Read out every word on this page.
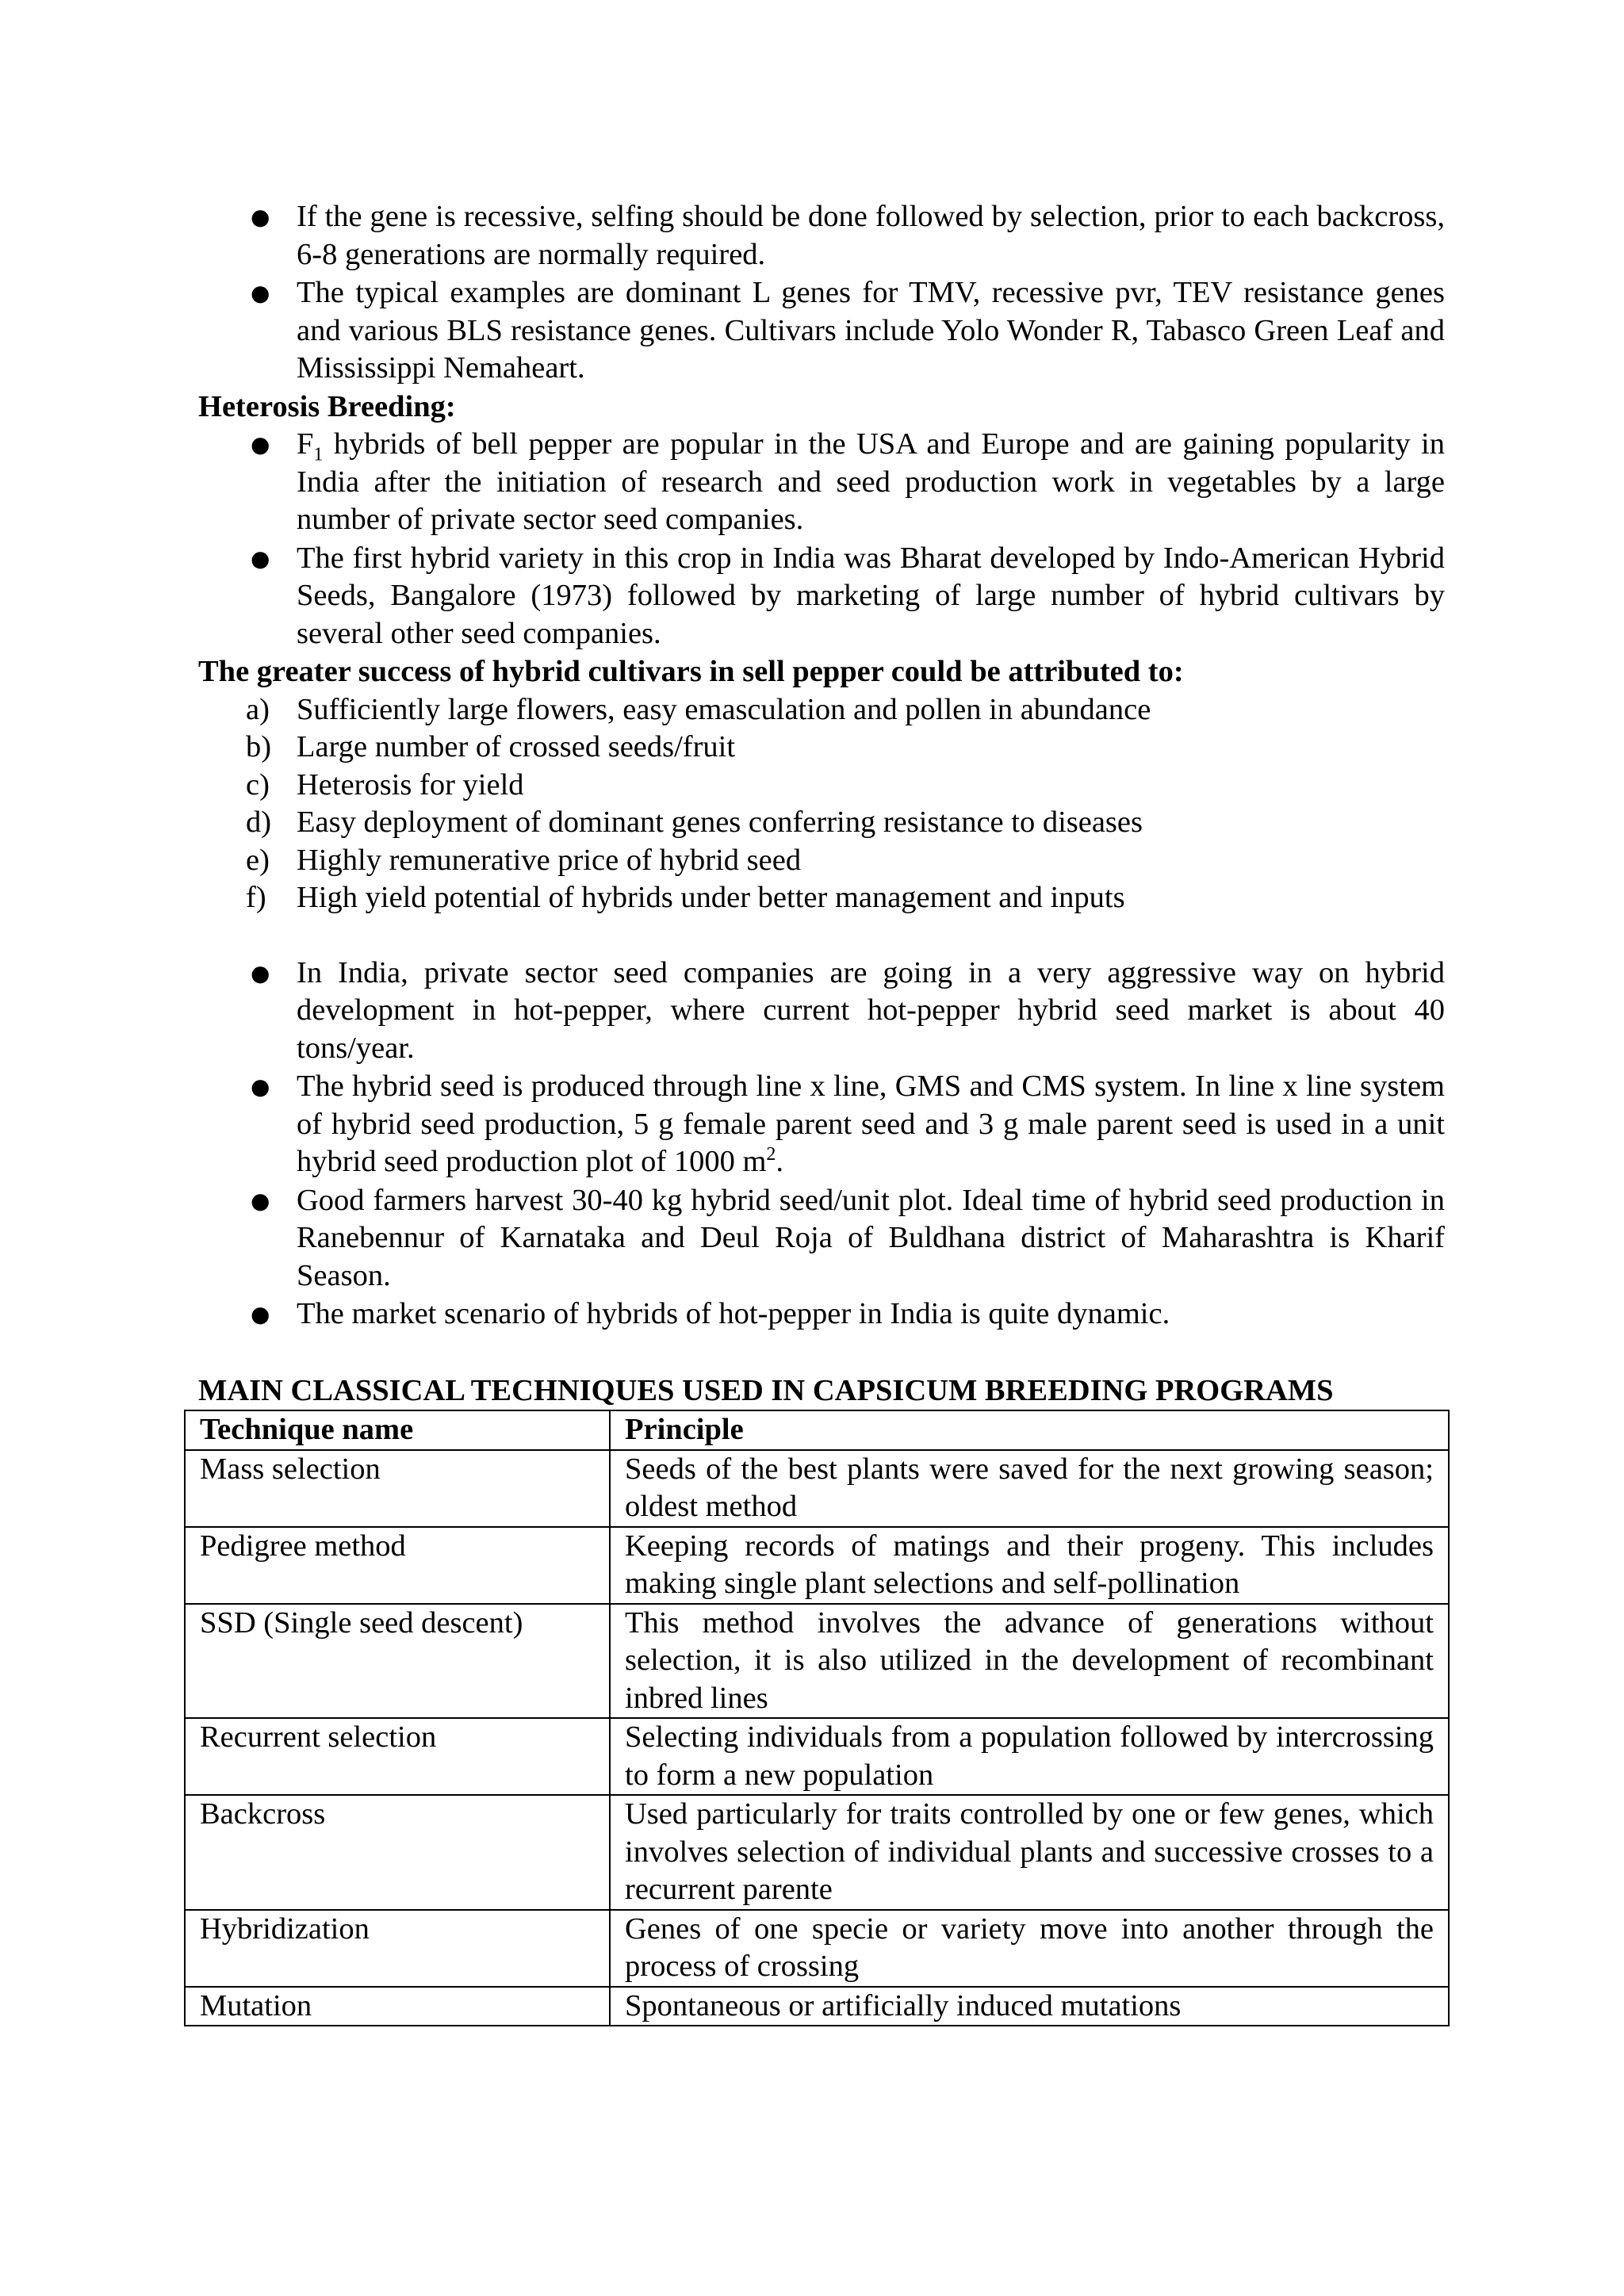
● If the gene is recessive, selfing should be done followed by selection, prior to each backcross, 6-8 generations are normally required.
● The typical examples are dominant L genes for TMV, recessive pvr, TEV resistance genes and various BLS resistance genes. Cultivars include Yolo Wonder R, Tabasco Green Leaf and Mississippi Nemaheart.

Heterosis Breeding:

● $F_1$ hybrids of bell pepper are popular in the USA and Europe and are gaining popularity in India after the initiation of research and seed production work in vegetables by a large number of private sector seed companies.
● The first hybrid variety in this crop in India was Bharat developed by Indo-American Hybrid Seeds, Bangalore (1973) followed by marketing of large number of hybrid cultivars by several other seed companies.

The greater success of hybrid cultivars in sell pepper could be attributed to:

a) Sufficiently large flowers, easy emasculation and pollen in abundance
b) Large number of crossed seeds/fruit
c) Heterosis for yield
d) Easy deployment of dominant genes conferring resistance to diseases
e) Highly remunerative price of hybrid seed
f) High yield potential of hybrids under better management and inputs
● In India, private sector seed companies are going in a very aggressive way on hybrid development in hot-pepper, where current hot-pepper hybrid seed market is about 40 tons/year.
● The hybrid seed is produced through line x line, GMS and CMS system. In line x line system of hybrid seed production, 5 g female parent seed and 3 g male parent seed is used in a unit hybrid seed production plot of 1000 $m^2$.
● Good farmers harvest 30-40 kg hybrid seed/unit plot. Ideal time of hybrid seed production in Ranebennur of Karnataka and Deul Roja of Buldhana district of Maharashtra is Kharif Season.
● The market scenario of hybrids of hot-pepper in India is quite dynamic.

MAIN CLASSICAL TECHNIQUES USED IN CAPSICUM BREEDING PROGRAMS

Technique name	Principle
Mass selection	Seeds of the best plants were saved for the next growing season; oldest method
Pedigree method	Keeping records of matings and their progeny. This includes making single plant selections and self-pollination
SSD (Single seed descent)	This method involves the advance of generations without selection, it is also utilized in the development of recombinant inbred lines
Recurrent selection	Selecting individuals from a population followed by intercrossing to form a new population
Backcross	Used particularly for traits controlled by one or few genes, which involves selection of individual plants and successive crosses to a recurrent parente
Hybridization	Genes of one specie or variety move into another through the process of crossing
Mutation	Spontaneous or artificially induced mutations
